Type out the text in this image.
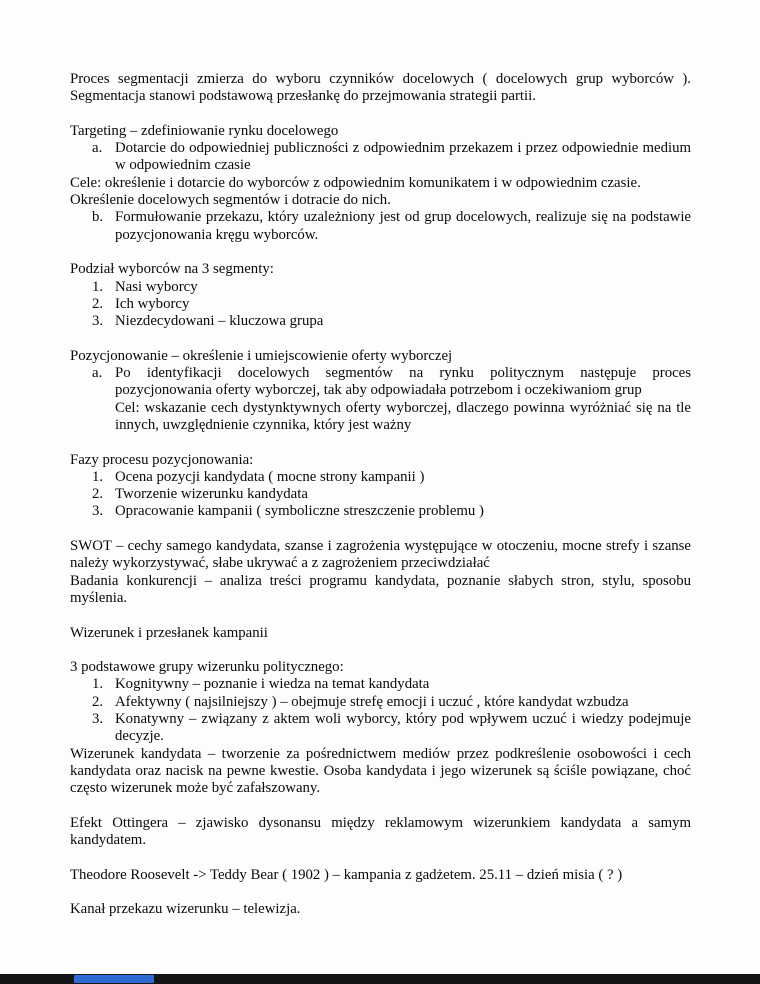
Proces segmentacji zmierza do wyboru czynników docelowych ( docelowych grup wyborców ). Segmentacja stanowi podstawową przesłankę do przejmowania strategii partii.

Targeting – zdefiniowanie rynku docelowego

a. Dotarcie do odpowiedniej publiczności z odpowiednim przekazem i przez odpowiednie medium w odpowiednim czasie

Cele: określenie i dotarcie do wyborców z odpowiednim komunikatem i w odpowiednim czasie.

Określenie docelowych segmentów i dotracie do nich.

b. Formułowanie przekazu, który uzależniony jest od grup docelowych, realizuje się na podstawie pozycjonowania kręgu wyborców.

Podział wyborców na 3 segmenty:

1. Nasi wyborcy
2. Ich wyborcy
3. Niezdecydowani – kluczowa grupa

Pozycjonowanie – określenie i umiejscowienie oferty wyborczej

a. Po identyfikacji docelowych segmentów na rynku politycznym następuje proces pozycjonowania oferty wyborczej, tak aby odpowiadała potrzebom i oczekiwaniom grup

Cel: wskazanie cech dystynktywnych oferty wyborczej, dlaczego powinna wyróżniać się na tle innych, uwzględnienie czynnika, który jest ważny

Fazy procesu pozycjonowania:

1. Ocena pozycji kandydata ( mocne strony kampanii )
2. Tworzenie wizerunku kandydata
3. Opracowanie kampanii ( symboliczne streszczenie problemu )

SWOT – cechy samego kandydata, szanse i zagrożenia występujące w otoczeniu, mocne strefy i szanse należy wykorzystywać, słabe ukrywać a z zagrożeniem przeciwdziałać

Badania konkurencji – analiza treści programu kandydata, poznanie słabych stron, stylu, sposobu myślenia.

Wizerunek i przesłanek kampanii

3 podstawowe grupy wizerunku politycznego:

1. Kognitywny – poznanie i wiedza na temat kandydata
2. Afektywny ( najsilniejszy ) – obejmuje strefę emocji i uczuć , które kandydat wzbudza
3. Konatywny – związany z aktem woli wyborcy, który pod wpływem uczuć i wiedzy podejmuje decyzje.

Wizerunek kandydata – tworzenie za pośrednictwem mediów przez podkreślenie osobowości i cech kandydata oraz nacisk na pewne kwestie. Osoba kandydata i jego wizerunek są ściśle powiązane, choć często wizerunek może być zafałszowany.

Efekt Ottingera – zjawisko dysonansu między reklamowym wizerunkiem kandydata a samym kandydatem.

Theodore Roosevelt -> Teddy Bear ( 1902 ) – kampania z gadżetem. 25.11 – dzień misia ( ? )

Kanał przekazu wizerunku – telewizja.
